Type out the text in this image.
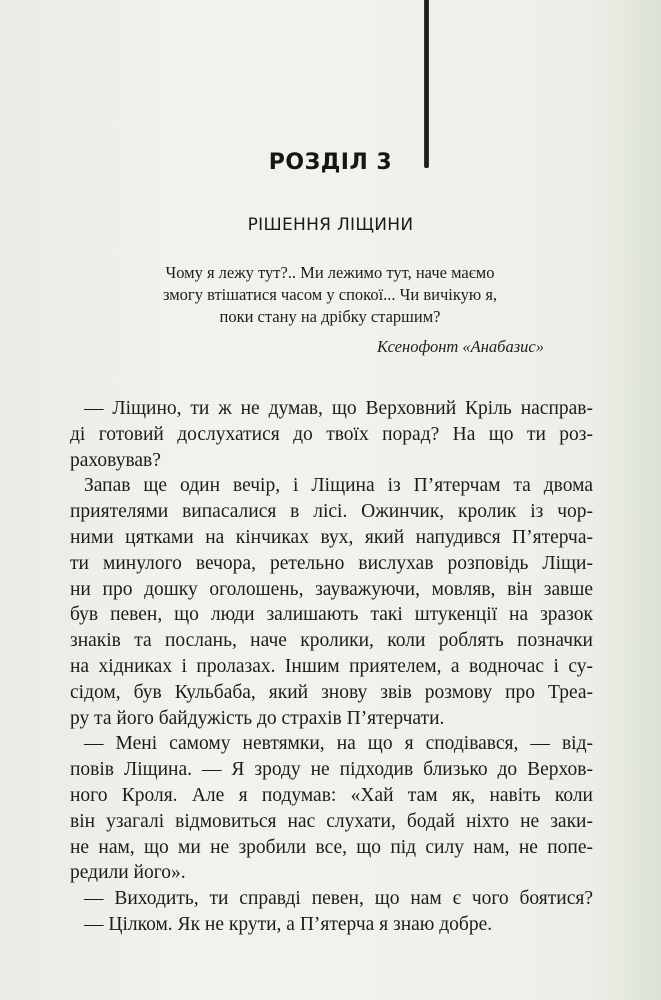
РОЗДІЛ 3
РІШЕННЯ ЛІЩИНИ
Чому я лежу тут?.. Ми лежимо тут, наче маємо
змогу втішатися часом у спокої... Чи вичікую я,
поки стану на дрібку старшим?
Ксенофонт «Анабазис»
— Ліщино, ти ж не думав, що Верховний Кріль насправ-
ді готовий дослухатися до твоїх порад? На що ти роз-
раховував?
Запав ще один вечір, і Ліщина із П’ятерчам та двома
приятелями випасалися в лісі. Ожинчик, кролик із чор-
ними цятками на кінчиках вух, який напудився П’ятерча-
ти минулого вечора, ретельно вислухав розповідь Ліщи-
ни про дошку оголошень, зауважуючи, мовляв, він завше
був певен, що люди залишають такі штукенції на зразок
знаків та послань, наче кролики, коли роблять позначки
на хідниках і пролазах. Іншим приятелем, а водночас і су-
сідом, був Кульбаба, який знову звів розмову про Треа-
ру та його байдужість до страхів П’ятерчати.
— Мені самому невтямки, на що я сподівався, — від-
повів Ліщина. — Я зроду не підходив близько до Верхов-
ного Кроля. Але я подумав: «Хай там як, навіть коли
він узагалі відмовиться нас слухати, бодай ніхто не заки-
не нам, що ми не зробили все, що під силу нам, не попе-
редили його».
— Виходить, ти справді певен, що нам є чого боятися?
— Цілком. Як не крути, а П’ятерча я знаю добре.
